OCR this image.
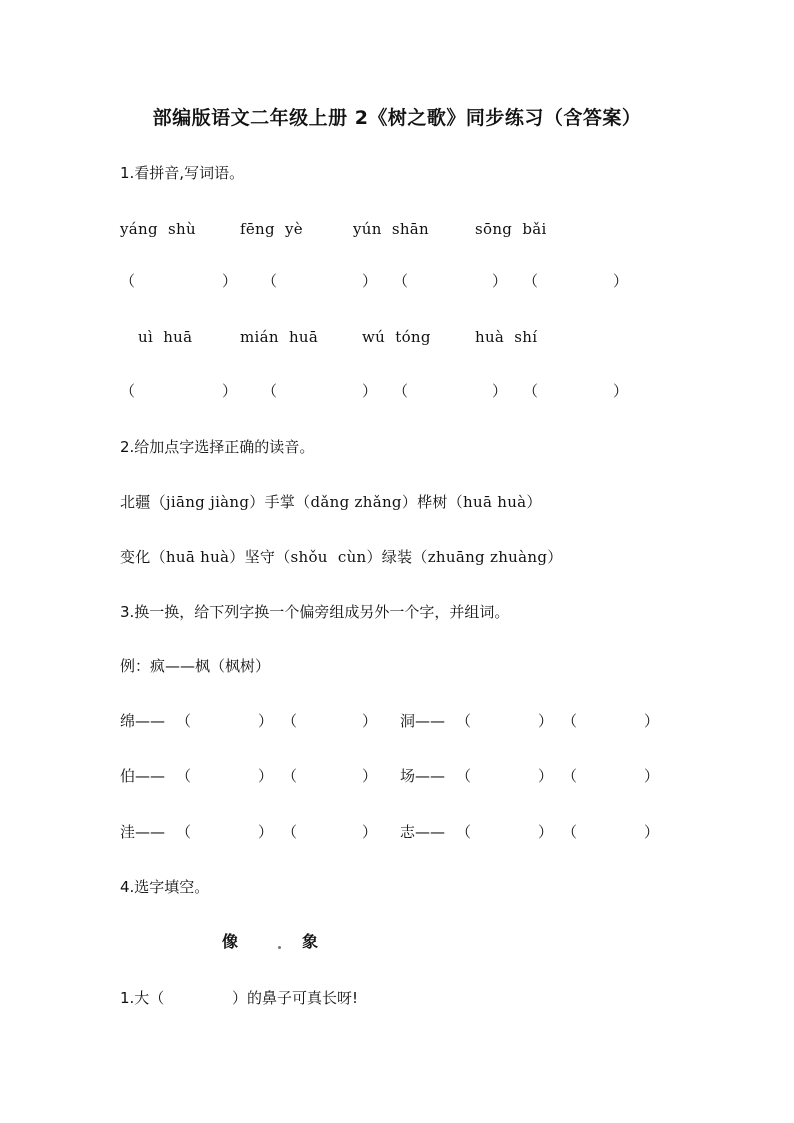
部编版语文二年级上册 2《树之歌》同步练习（含答案）
1.看拼音,写词语。
yáng  shù	fēng  yè	yún  shān	sōng  bǎi
（	） （	） （	） （	）
uì  huā	mián  huā	wú  tóng	huà  shí
（	） （	） （	） （	）
2.给加点字选择正确的读音。
北疆（jiāng jiàng）手掌（dǎng zhǎng）桦树（huā huà）
变化（huā huà）坚守（shǒu  cùn）绿装（zhuāng zhuàng）
3.换一换，给下列字换一个偏旁组成另外一个字，并组词。
例：疯——枫（枫树）
绵—— （	） （	） 洞—— （	） （	）
伯—— （	） （	） 场—— （	） （	）
洼—— （	） （	） 志—— （	） （	）
4.选字填空。
像	象
1.大（	）的鼻子可真长呀!
